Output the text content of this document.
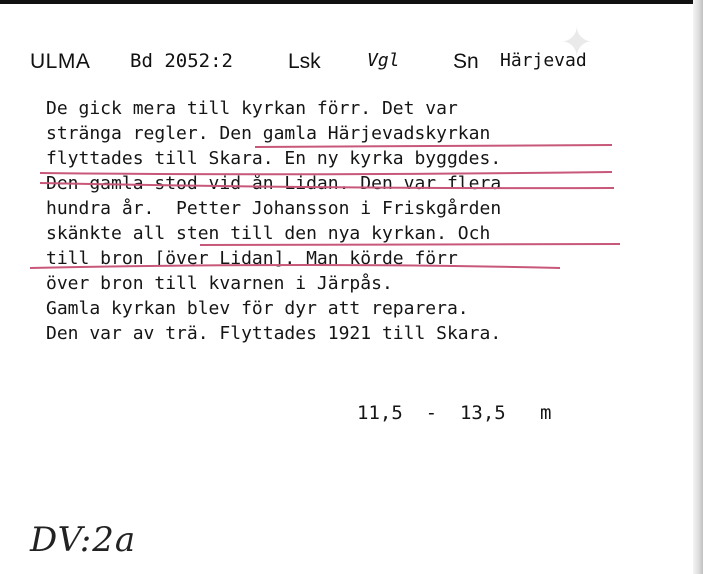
✦
ULMA Bd 2052:2	Lsk	Vgl	Sn Härjevad
De gick mera till kyrkan förr. Det var
stränga regler. Den gamla Härjevadskyrkan
flyttades till Skara. En ny kyrka byggdes.
Den gamla stod vid ån Lidan. Den var flera
hundra år.  Petter Johansson i Friskgården
skänkte all sten till den nya kyrkan. Och
till bron [över Lidan]. Man körde förr
över bron till kvarnen i Järpås.
Gamla kyrkan blev för dyr att reparera.
Den var av trä. Flyttades 1921 till Skara.
11,5  -  13,5   m
DV:2a
